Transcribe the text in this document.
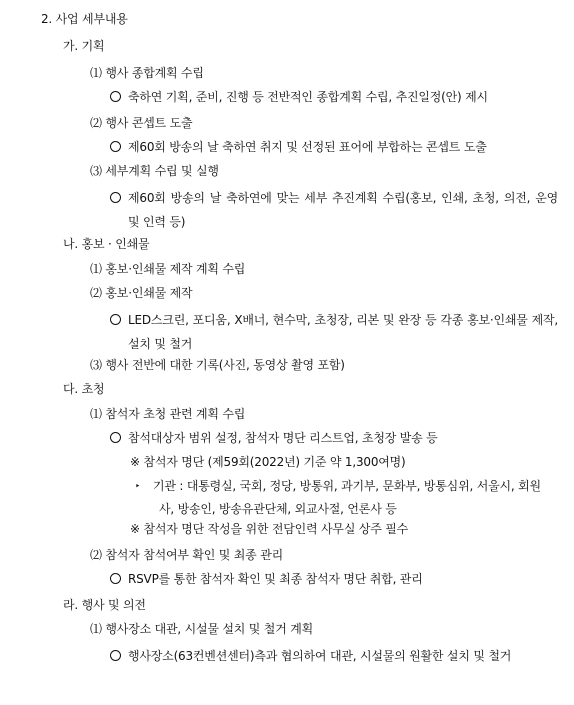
2. 사업 세부내용
가. 기획
⑴ 행사 종합계획 수립
축하연 기획, 준비, 진행 등 전반적인 종합계획 수립, 추진일정(안) 제시
⑵ 행사 콘셉트 도출
제60회 방송의 날 축하연 취지 및 선정된 표어에 부합하는 콘셉트 도출
⑶ 세부계획 수립 및 실행
제60회 방송의 날 축하연에 맞는 세부 추진계획 수립(홍보, 인쇄, 초청, 의전, 운영 및 인력 등)
나. 홍보 · 인쇄물
⑴ 홍보·인쇄물 제작 계획 수립
⑵ 홍보·인쇄물 제작
LED스크린, 포디움, X배너, 현수막, 초청장, 리본 및 완장 등 각종 홍보·인쇄물 제작, 설치 및 철거
⑶ 행사 전반에 대한 기록(사진, 동영상 촬영 포함)
다. 초청
⑴ 참석자 초청 관련 계획 수립
참석대상자 범위 설정, 참석자 명단 리스트업, 초청장 발송 등
※ 참석자 명단 (제59회(2022년) 기준 약 1,300여명)
‣ 기관 : 대통령실, 국회, 정당, 방통위, 과기부, 문화부, 방통심위, 서울시, 회원사, 방송인, 방송유관단체, 외교사절, 언론사 등
※ 참석자 명단 작성을 위한 전담인력 사무실 상주 필수
⑵ 참석자 참석여부 확인 및 최종 관리
RSVP를 통한 참석자 확인 및 최종 참석자 명단 취합, 관리
라. 행사 및 의전
⑴ 행사장소 대관, 시설물 설치 및 철거 계획
행사장소(63컨벤션센터)측과 협의하여 대관, 시설물의 원활한 설치 및 철거
